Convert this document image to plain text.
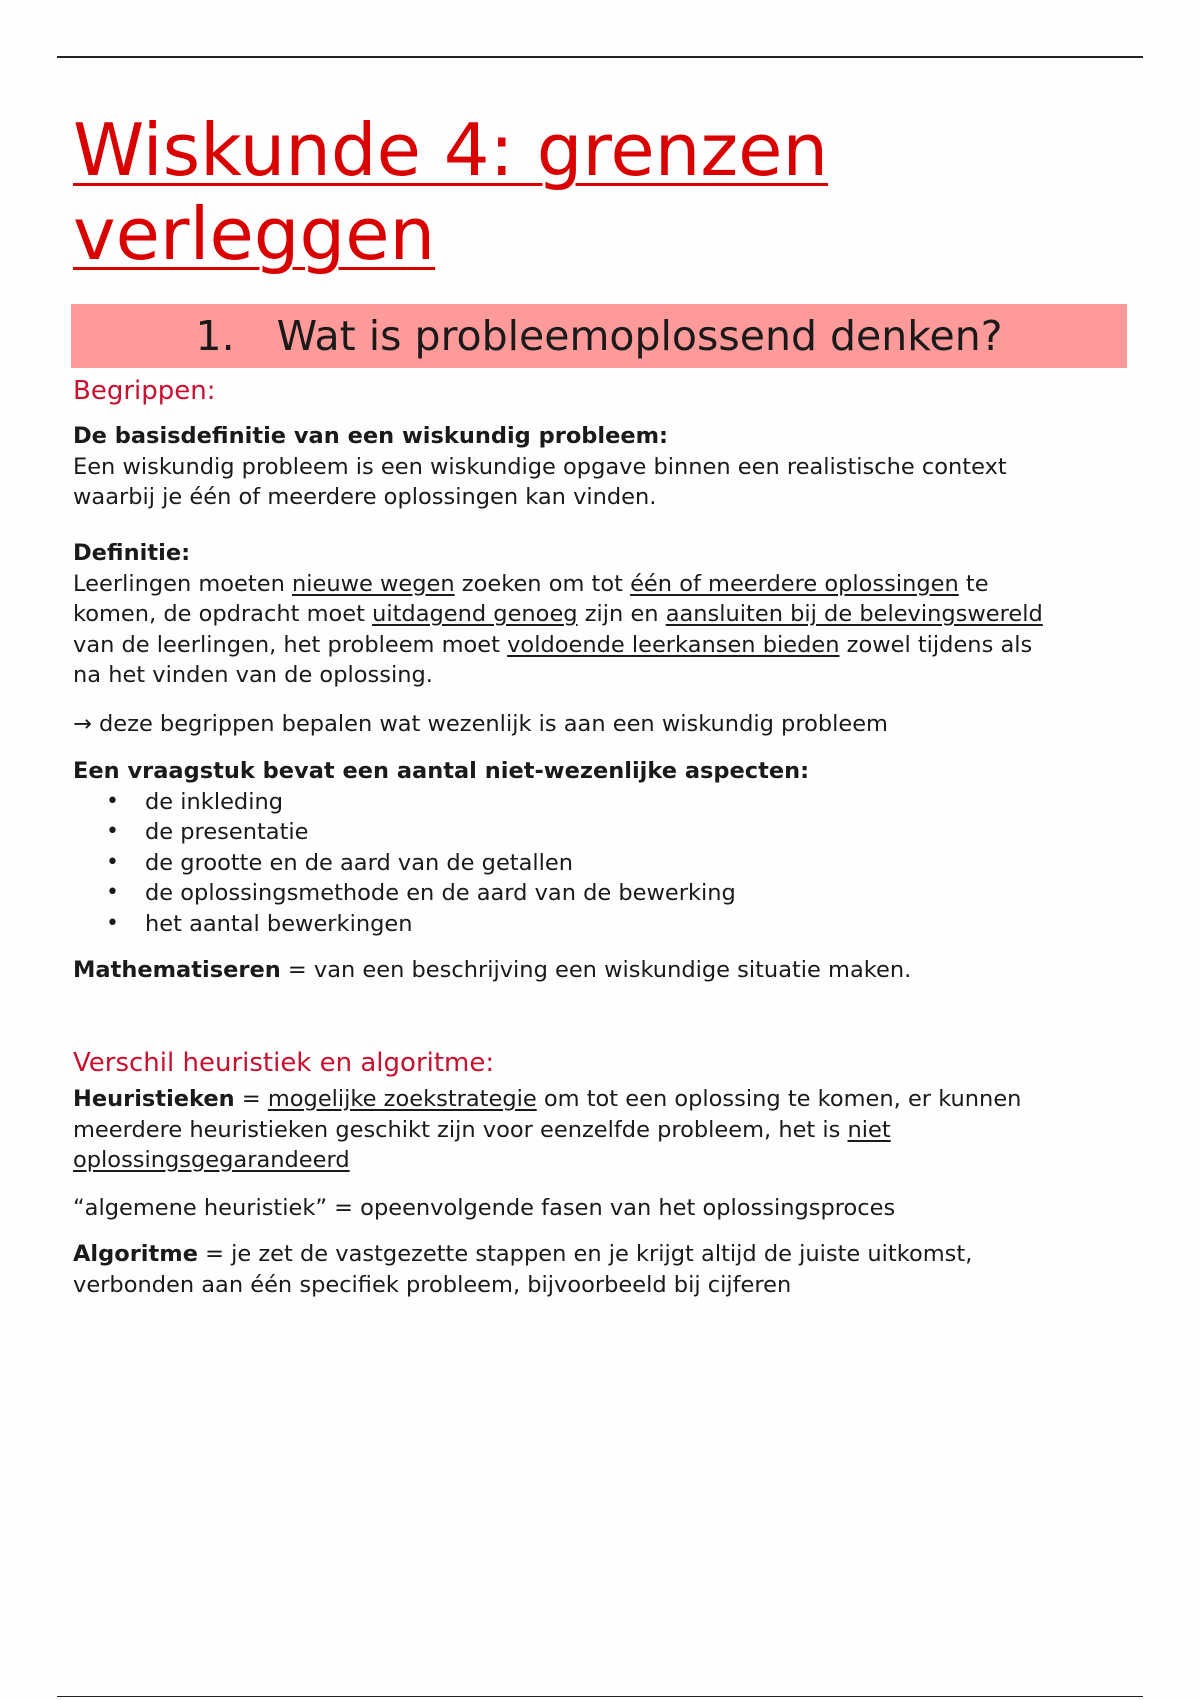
Wiskunde 4: grenzen
verleggen
1. Wat is probleemoplossend denken?
Begrippen:

De basisdefinitie van een wiskundig probleem:

Een wiskundig probleem is een wiskundige opgave binnen een realistische context

waarbij je één of meerdere oplossingen kan vinden.

Definitie:

Leerlingen moeten nieuwe wegen zoeken om tot één of meerdere oplossingen te

komen, de opdracht moet uitdagend genoeg zijn en aansluiten bij de belevingswereld

van de leerlingen, het probleem moet voldoende leerkansen bieden zowel tijdens als

na het vinden van de oplossing.

→ deze begrippen bepalen wat wezenlijk is aan een wiskundig probleem

Een vraagstuk bevat een aantal niet-wezenlijke aspecten:

• de inkleding
• de presentatie
• de grootte en de aard van de getallen
• de oplossingsmethode en de aard van de bewerking
• het aantal bewerkingen

Mathematiseren = van een beschrijving een wiskundige situatie maken.

Verschil heuristiek en algoritme:

Heuristieken = mogelijke zoekstrategie om tot een oplossing te komen, er kunnen

meerdere heuristieken geschikt zijn voor eenzelfde probleem, het is niet

oplossingsgegarandeerd

“algemene heuristiek” = opeenvolgende fasen van het oplossingsproces

Algoritme = je zet de vastgezette stappen en je krijgt altijd de juiste uitkomst,

verbonden aan één specifiek probleem, bijvoorbeeld bij cijferen
